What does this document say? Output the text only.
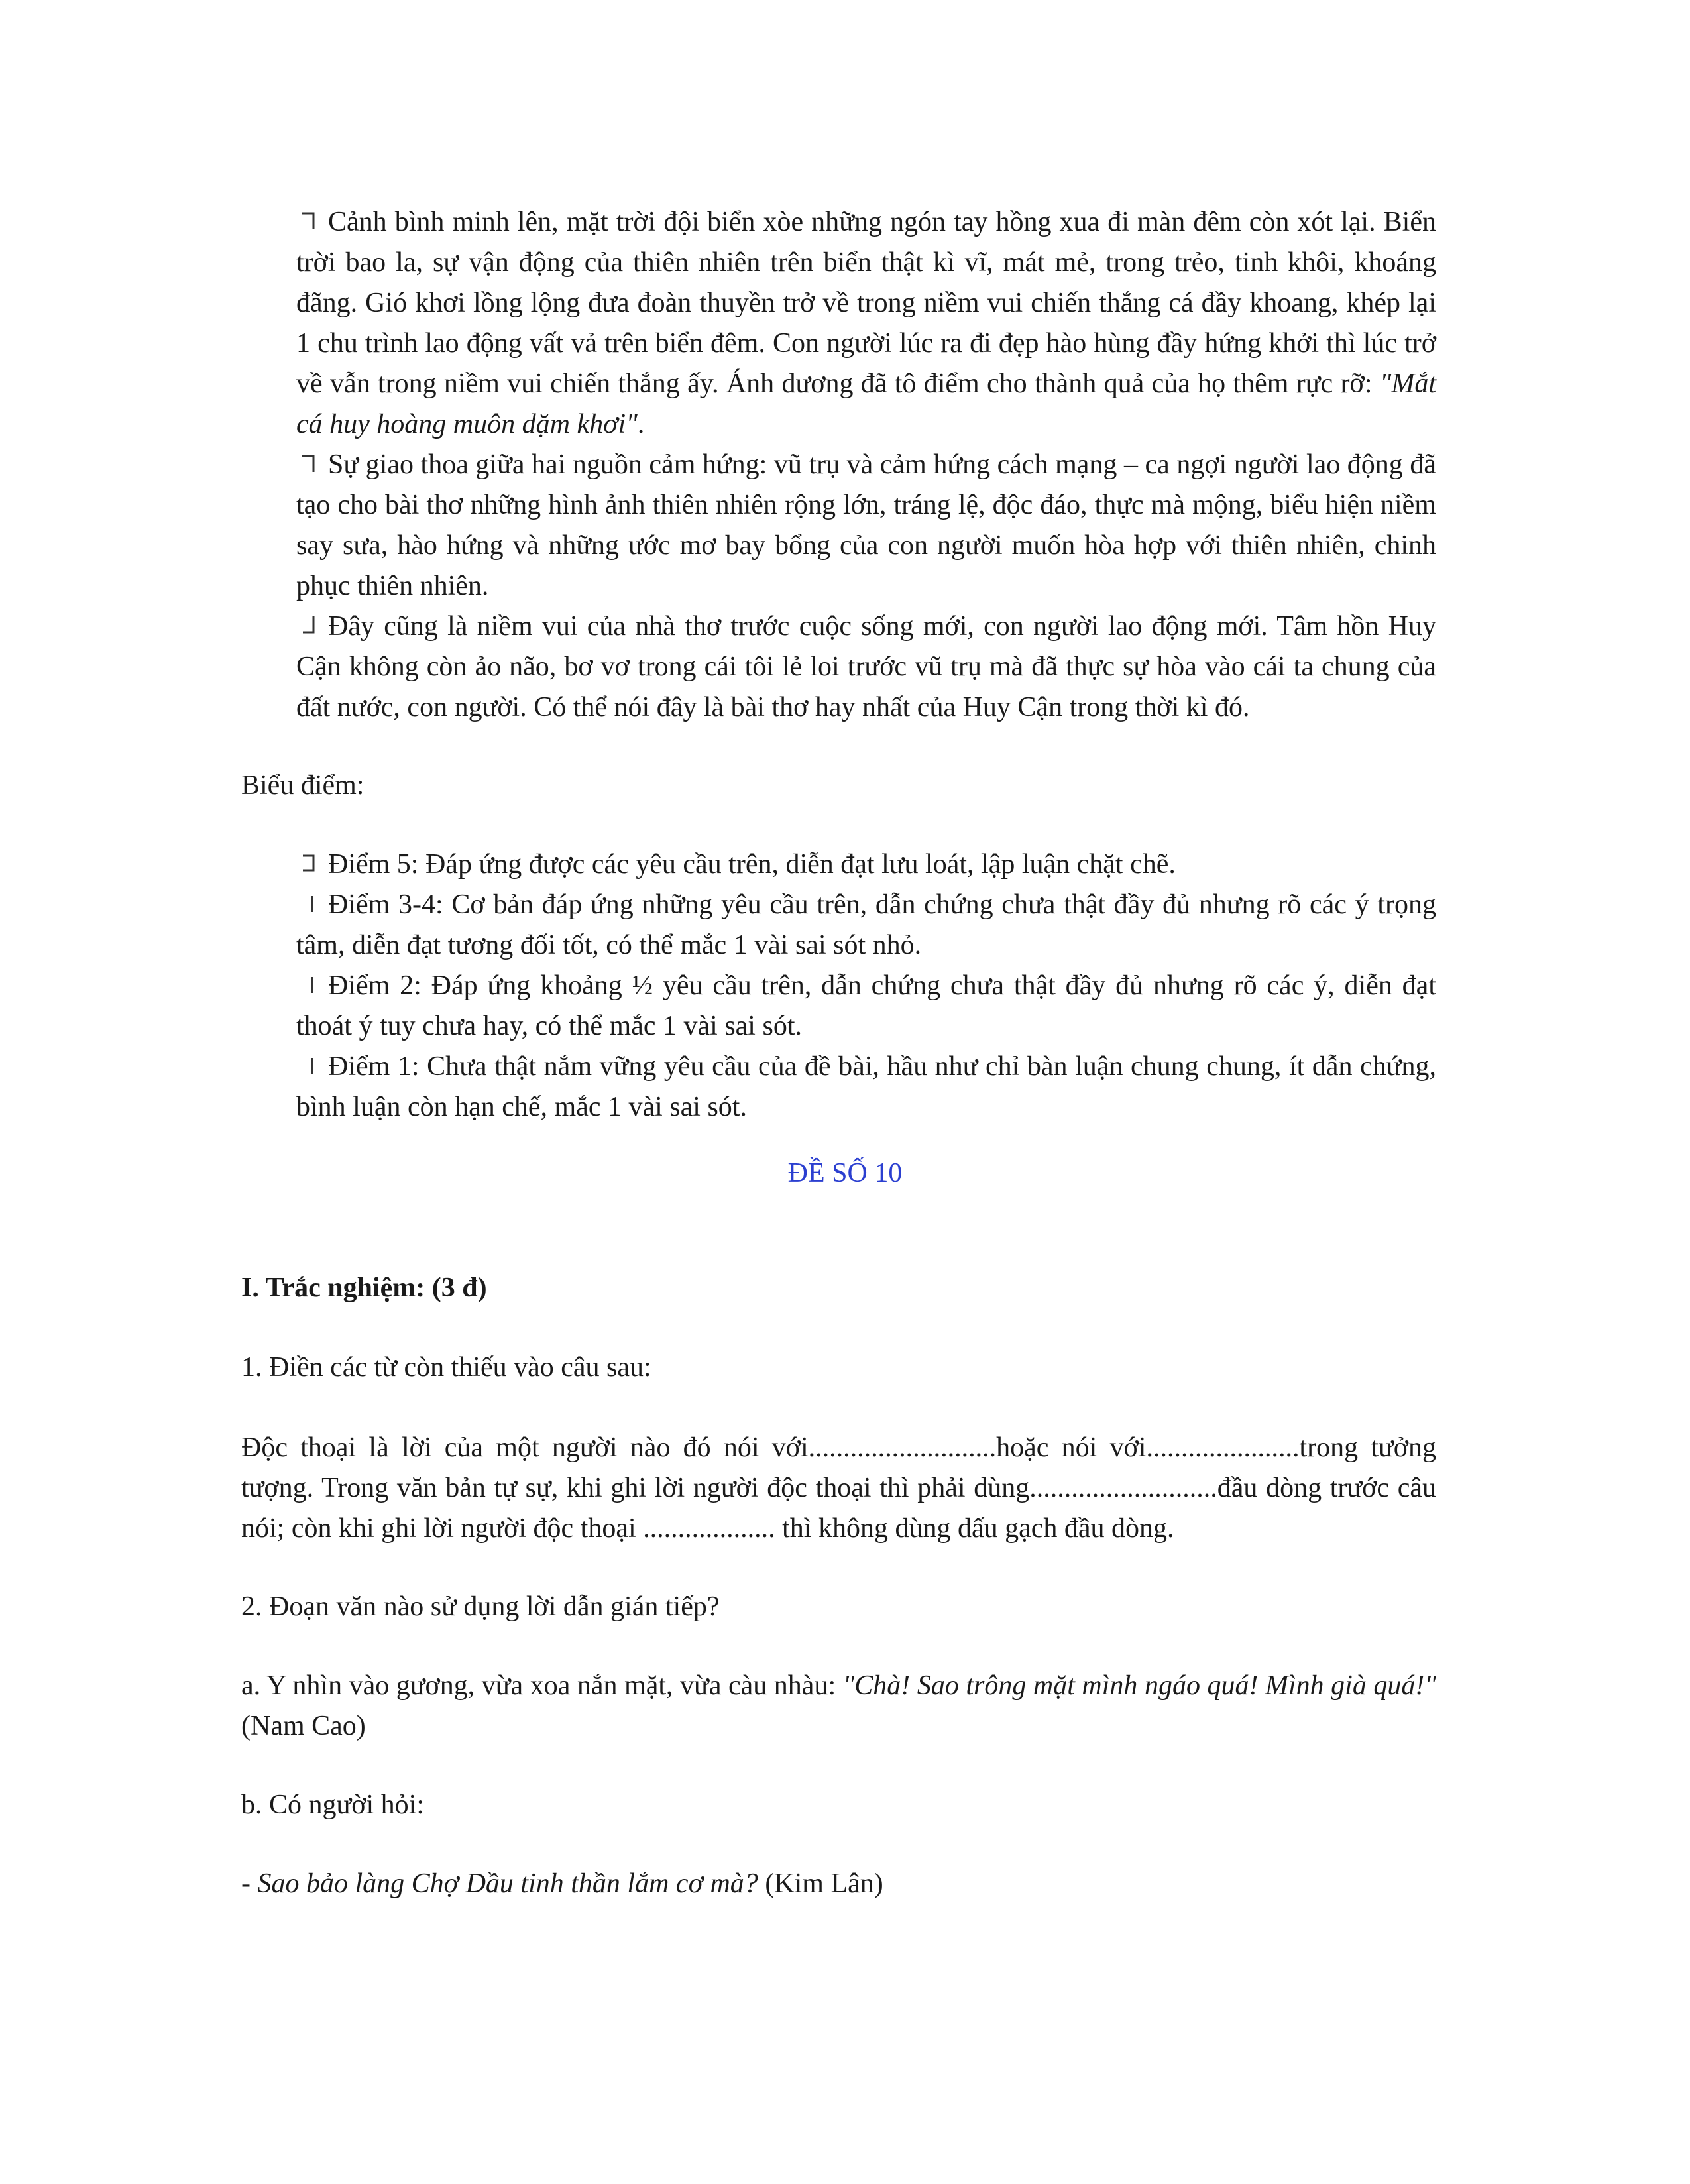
Cảnh bình minh lên, mặt trời đội biển xòe những ngón tay hồng xua đi màn đêm còn xót lại. Biển trời bao la, sự vận động của thiên nhiên trên biển thật kì vĩ, mát mẻ, trong trẻo, tinh khôi, khoáng đãng. Gió khơi lồng lộng đưa đoàn thuyền trở về trong niềm vui chiến thắng cá đầy khoang, khép lại 1 chu trình lao động vất vả trên biển đêm. Con người lúc ra đi đẹp hào hùng đầy hứng khởi thì lúc trở về vẫn trong niềm vui chiến thắng ấy. Ánh dương đã tô điểm cho thành quả của họ thêm rực rỡ: "Mắt cá huy hoàng muôn dặm khơi".

Sự giao thoa giữa hai nguồn cảm hứng: vũ trụ và cảm hứng cách mạng – ca ngợi người lao động đã tạo cho bài thơ những hình ảnh thiên nhiên rộng lớn, tráng lệ, độc đáo, thực mà mộng, biểu hiện niềm say sưa, hào hứng và những ước mơ bay bổng của con người muốn hòa hợp với thiên nhiên, chinh phục thiên nhiên.

Đây cũng là niềm vui của nhà thơ trước cuộc sống mới, con người lao động mới. Tâm hồn Huy Cận không còn ảo não, bơ vơ trong cái tôi lẻ loi trước vũ trụ mà đã thực sự hòa vào cái ta chung của đất nước, con người. Có thể nói đây là bài thơ hay nhất của Huy Cận trong thời kì đó.

Biểu điểm:

Điểm 5: Đáp ứng được các yêu cầu trên, diễn đạt lưu loát, lập luận chặt chẽ.

Điểm 3-4: Cơ bản đáp ứng những yêu cầu trên, dẫn chứng chưa thật đầy đủ nhưng rõ các ý trọng tâm, diễn đạt tương đối tốt, có thể mắc 1 vài sai sót nhỏ.

Điểm 2: Đáp ứng khoảng ½ yêu cầu trên, dẫn chứng chưa thật đầy đủ nhưng rõ các ý, diễn đạt thoát ý tuy chưa hay, có thể mắc 1 vài sai sót.

Điểm 1: Chưa thật nắm vững yêu cầu của đề bài, hầu như chỉ bàn luận chung chung, ít dẫn chứng, bình luận còn hạn chế, mắc 1 vài sai sót.

ĐỀ SỐ 10

I. Trắc nghiệm: (3 đ)

1. Điền các từ còn thiếu vào câu sau:

Độc thoại là lời của một người nào đó nói với...........................hoặc nói với......................trong tưởng tượng. Trong văn bản tự sự, khi ghi lời người độc thoại thì phải dùng...........................đầu dòng trước câu nói; còn khi ghi lời người độc thoại ................... thì không dùng dấu gạch đầu dòng.

2. Đoạn văn nào sử dụng lời dẫn gián tiếp?

a. Y nhìn vào gương, vừa xoa nắn mặt, vừa càu nhàu: "Chà! Sao trông mặt mình ngáo quá! Mình già quá!" (Nam Cao)

b. Có người hỏi:

- Sao bảo làng Chợ Dầu tinh thần lắm cơ mà? (Kim Lân)
